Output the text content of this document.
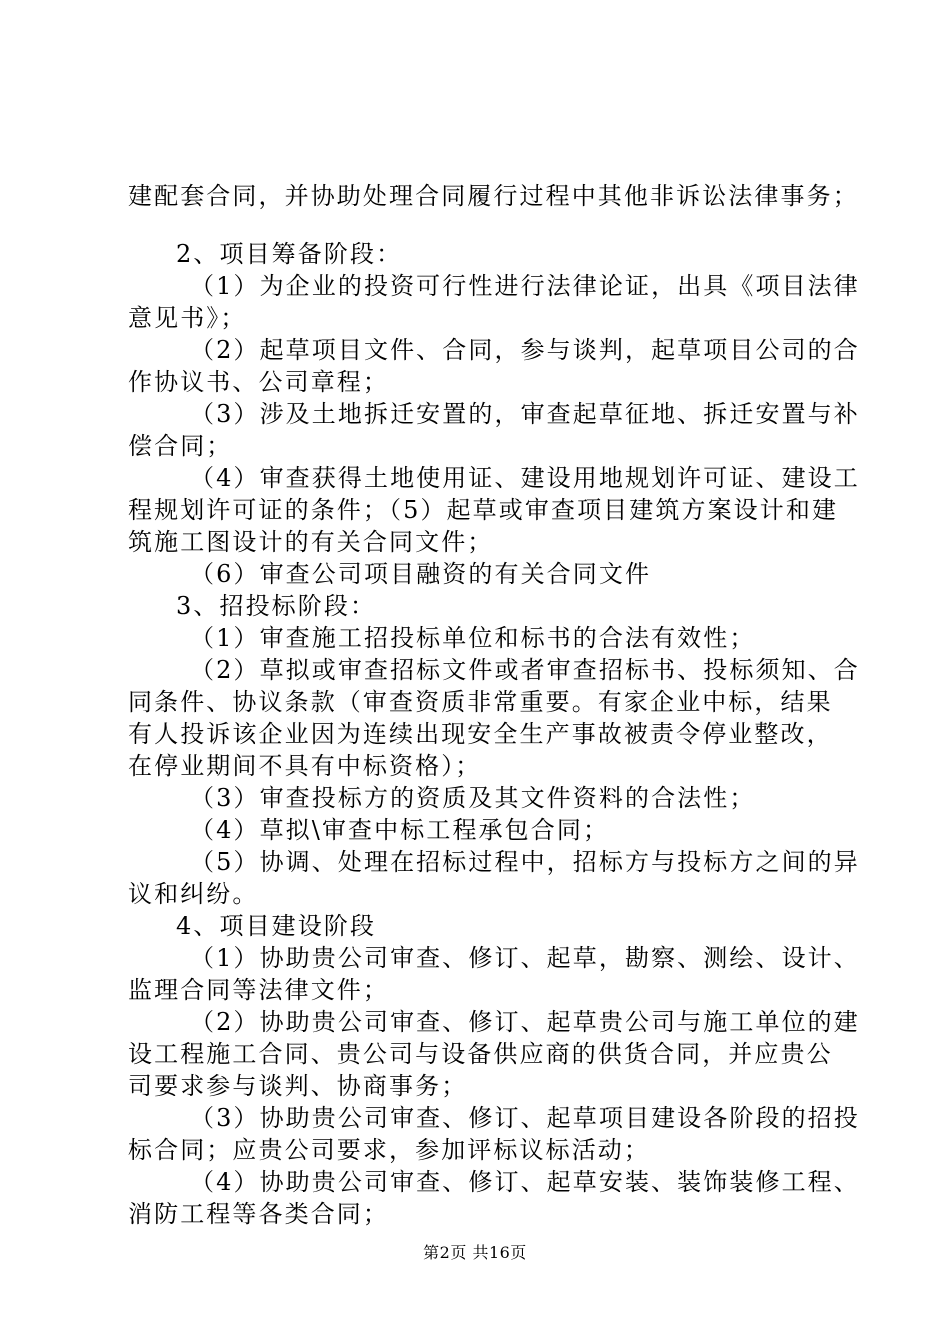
建配套合同，并协助处理合同履行过程中其他非诉讼法律事务；
2、项目筹备阶段：
（1）为企业的投资可行性进行法律论证，出具《项目法律
意见书》；
（2）起草项目文件、合同，参与谈判，起草项目公司的合
作协议书、公司章程；
（3）涉及土地拆迁安置的，审查起草征地、拆迁安置与补
偿合同；
（4）审查获得土地使用证、建设用地规划许可证、建设工
程规划许可证的条件；（5）起草或审查项目建筑方案设计和建
筑施工图设计的有关合同文件；
（6）审查公司项目融资的有关合同文件
3、招投标阶段：
（1）审查施工招投标单位和标书的合法有效性；
（2）草拟或审查招标文件或者审查招标书、投标须知、合
同条件、协议条款（审查资质非常重要。有家企业中标，结果
有人投诉该企业因为连续出现安全生产事故被责令停业整改，
在停业期间不具有中标资格）；
（3）审查投标方的资质及其文件资料的合法性；
（4）草拟\审查中标工程承包合同；
（5）协调、处理在招标过程中，招标方与投标方之间的异
议和纠纷。
4、项目建设阶段
（1）协助贵公司审查、修订、起草，勘察、测绘、设计、
监理合同等法律文件；
（2）协助贵公司审查、修订、起草贵公司与施工单位的建
设工程施工合同、贵公司与设备供应商的供货合同，并应贵公
司要求参与谈判、协商事务；
（3）协助贵公司审查、修订、起草项目建设各阶段的招投
标合同；应贵公司要求，参加评标议标活动；
（4）协助贵公司审查、修订、起草安装、装饰装修工程、
消防工程等各类合同；
第2页 共16页
